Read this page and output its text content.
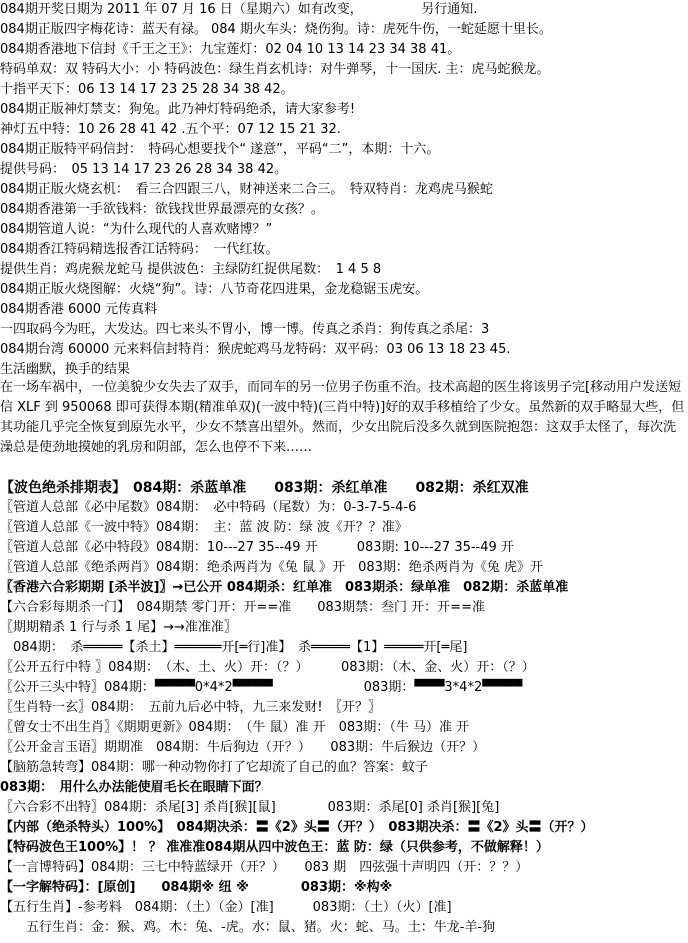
084期开奖日期为 2011 年 07 月 16 日（星期六）如有改变，　　　　　另行通知.
084期正版四字梅花诗：蓝天有禄。 084 期火车头：烧伤狗。诗：虎死牛伤，一蛇延愿十里长。
084期香港地下信封《千王之王》：九宝莲灯：02 04 10 13 14 23 34 38 41。
特码单双：双 特码大小：小 特码波色：绿生肖玄机诗：对牛弹琴，十一国庆. 主：虎马蛇猴龙。
十指平天下：06 13 14 17 23 25 28 34 38 42。
084期正版神灯禁支：狗兔。此乃神灯特码绝杀，请大家参考!
神灯五中特：10 26 28 41 42 .五个平：07 12 15 21 32.
084期正版特平码信封：　特码心想要找个“ 遂意”，平码“二”，本期：十六。
提供号码：　05 13 14 17 23 26 28 34 38 42。
084期正版火烧玄机：　看三合四跟三八，财神送来二合三。　特双特肖：龙鸡虎马猴蛇
084期香港第一手欲钱料：欲钱找世界最漂亮的女孩？。
084期管道人说：“为什么现代的人喜欢赌博？”
084期香江特码精选报香江话特码：　一代红妆。
提供生肖：鸡虎猴龙蛇马 提供波色：主绿防红捉供尾数：　1 4 5 8
084期正版火烧图解：火烧“狗”。诗：八节奇花四进果，金龙稳锯玉虎安。
084期香港 6000 元传真料
一四取码今为旺，大发达。四七来头不胃小，博一博。传真之杀肖：狗传真之杀尾：3
084期台湾 60000 元来料信封特肖：猴虎蛇鸡马龙特码：双平码：03 06 13 18 23 45.
生活幽默，换手的结果
在一场车祸中，一位美貌少女失去了双手，而同车的另一位男子伤重不治。技术高超的医生将该男子完[移动用户发送短信 XLF 到 950068 即可获得本期(精准单双)(一波中特)(三肖中特)]好的双手移植给了少女。虽然新的双手略显大些，但其功能几乎完全恢复到原先水平，少女不禁喜出望外。然而，少女出院后没多久就到医院抱怨：这双手太怪了，每次洗澡总是使劲地摸她的乳房和阴部，怎么也停不下来……
【波色绝杀排期表】　084期：杀蓝单准　　083期：杀红单准　　082期：杀红双准
〖管道人总部《必中尾数》084期：　必中特码（尾数）为：0-3-7-5-4-6
〖管道人总部《一波中特》084期：　主：蓝 波 防：绿 波《开？？准》
〖管道人总部《必中特段》084期：10---27 35--49 开　　　083期: 10---27 35--49 开
〖管道人总部《绝杀两肖》084期：绝杀两肖为《兔 鼠 》开　083期：绝杀两肖为《兔 虎》开
〖香港六合彩期期 [杀半波]〗→已公开 084期杀：红单准　083期杀：绿单准　082期：杀蓝单准
【六合彩每期杀一门】　084期禁 零门开：开==准　　083期禁：叁门 开：开==准
〖期期精杀 1 行与杀 1 尾】→→准准准〗
　084期：　杀═════【杀土】══════开[═行]准】　杀═════【1】═════开[═尾]
〖公开五行中特 〗084期：　（木、土、火）开：（？）　　　083期：（木、金、火）开：（？）
〖公开三头中特〗084期：▀▀▀▀0*4*2▀▀▀▀　　　　　　　083期：▀▀▀3*4*2▀▀▀▀
〖生肖特一玄〗084期：　五前九后必中特，九三来发财!　〖开？〗
〖曾女士不出生肖〗《期期更新》084期：　（牛 鼠）准 开　083期：（牛 马）准 开
〖公开金言玉语〗期期准　084期：牛后狗边（开？）　　083期：牛后猴边（开？）
【脑筋急转弯】084期：哪一种动物你打了它却流了自己的血？答案：蚊子
083期：　用什么办法能使眉毛长在眼睛下面？
〖六合彩不出特〗084期：杀尾[3] 杀肖[猴][鼠]　　　　083期：杀尾[0] 杀肖[猴][兔]
【内部（绝杀特头）100%】　084期决杀：〓《2》头〓（开？）　083期决杀：〓《2》头〓（开？）
【特码波色王100%】！ ？ 准准准084期从四中波色王：蓝 防：绿（只供参考，不做解释！）
【一言博特码】084期：三七中特蓝绿开（开？）　　083 期　四弦强十声明四（开：？？）
【一字解特码】：[原创]　　084期※ 纽 ※　　　　083期：※构※
【五行生肖】-参考料　084期：（土）（金）[准]　　　083期：（土）（火）[准]
　　五行生肖：金：猴、鸡。木：兔、-虎。水：鼠、猪。火：蛇、马。土：牛龙-羊-狗
